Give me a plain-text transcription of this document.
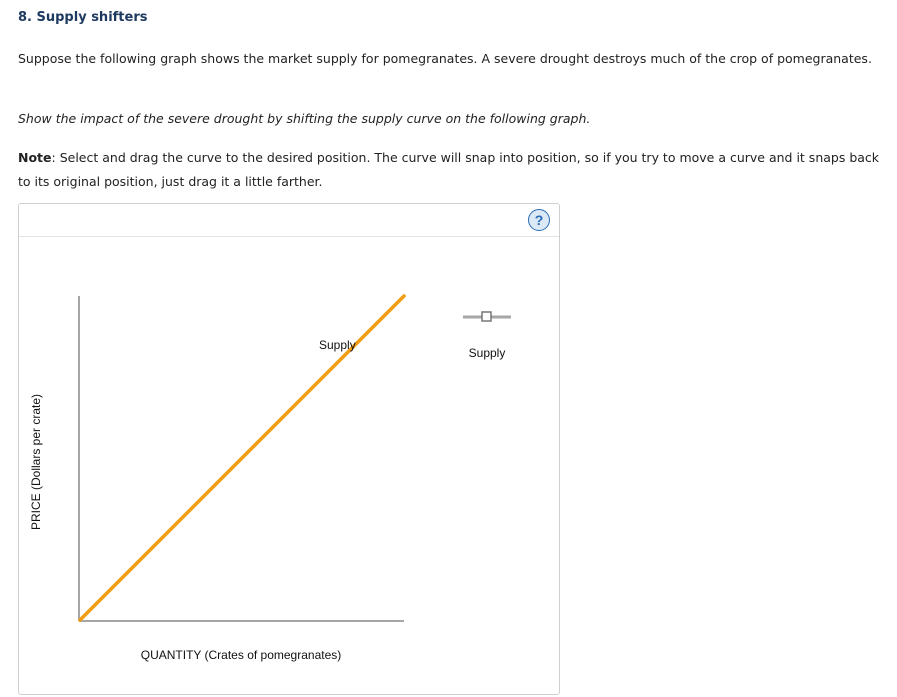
8. Supply shifters
Suppose the following graph shows the market supply for pomegranates. A severe drought destroys much of the crop of pomegranates.
Show the impact of the severe drought by shifting the supply curve on the following graph.
Note: Select and drag the curve to the desired position. The curve will snap into position, so if you try to move a curve and it snaps back to its original position, just drag it a little farther.
?
Supply
PRICE (Dollars per crate)
QUANTITY (Crates of pomegranates)
Supply
